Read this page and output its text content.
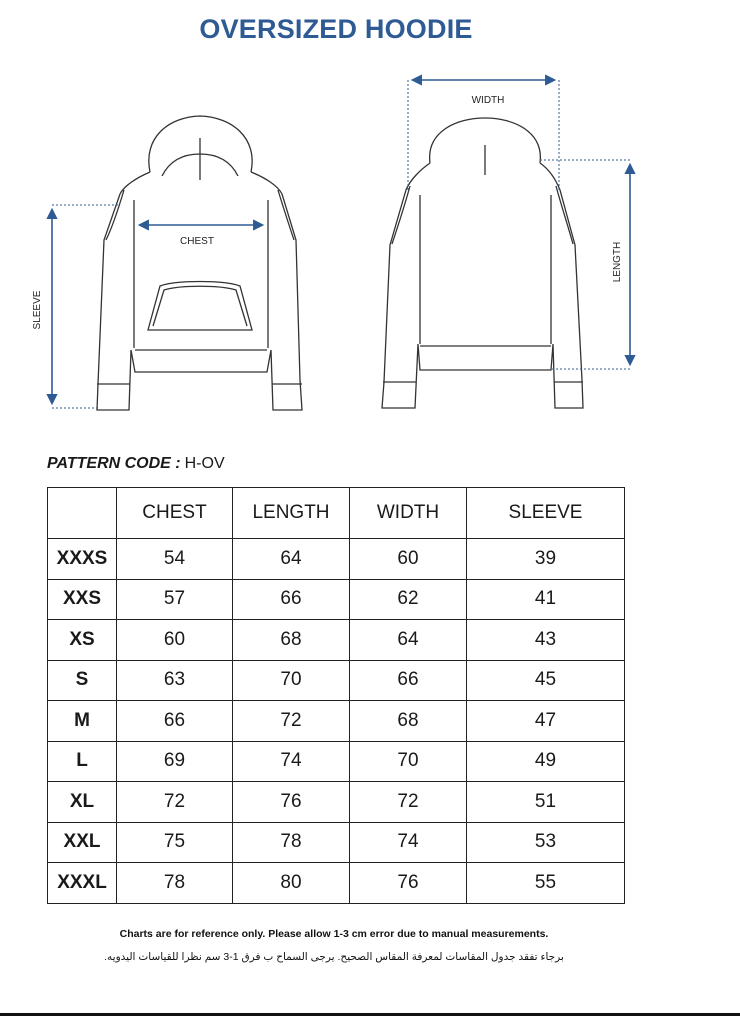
OVERSIZED HOODIE
SLEEVE
CHEST
WIDTH
LENGTH
PATTERN CODE : H-OV
	CHEST	LENGTH	WIDTH	SLEEVE
XXXS	54	64	60	39
XXS	57	66	62	41
XS	60	68	64	43
S	63	70	66	45
M	66	72	68	47
L	69	74	70	49
XL	72	76	72	51
XXL	75	78	74	53
XXXL	78	80	76	55
Charts are for reference only. Please allow 1-3 cm error due to manual measurements.
برجاء تفقد جدول المقاسات لمعرفة المقاس الصحيح. يرجى السماح ب فرق 1-3 سم نظرا للقياسات اليدويه.
